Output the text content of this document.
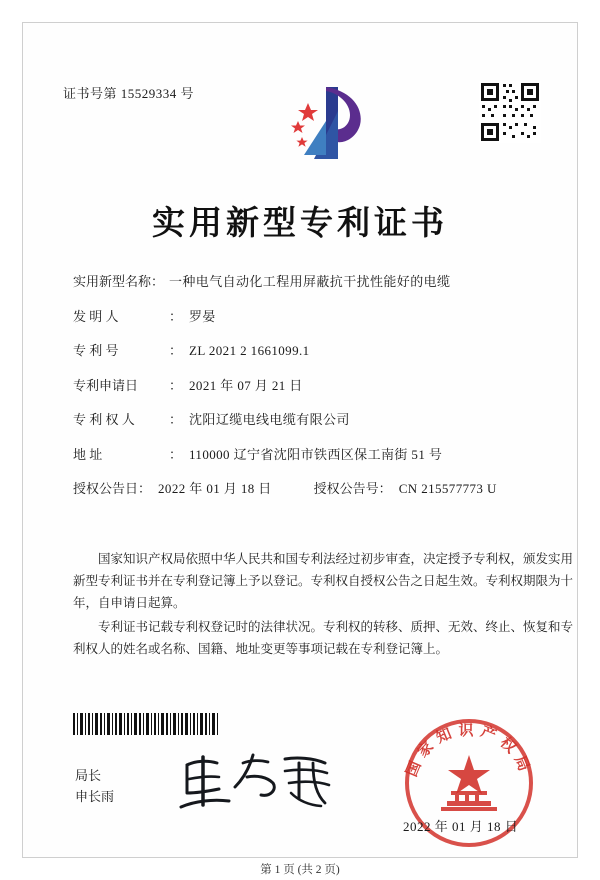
证书号第 15529334 号
实用新型专利证书
实用新型名称： 一种电气自动化工程用屏蔽抗干扰性能好的电缆
发 明 人	： 罗晏
专 利 号	： ZL 2021 2 1661099.1
专利申请日	： 2021 年 07 月 21 日
专 利 权 人	： 沈阳辽缆电线电缆有限公司
地 址	： 110000 辽宁省沈阳市铁西区保工南街 51 号
授权公告日： 2022 年 01 月 18 日	授权公告号： CN 215577773 U
国家知识产权局依照中华人民共和国专利法经过初步审查，决定授予专利权，颁发实用新型专利证书并在专利登记簿上予以登记。专利权自授权公告之日起生效。专利权期限为十年，自申请日起算。
专利证书记载专利权登记时的法律状况。专利权的转移、质押、无效、终止、恢复和专利权人的姓名或名称、国籍、地址变更等事项记载在专利登记簿上。
局长
申长雨
国家知识产权局
2022 年 01 月 18 日
第 1 页 (共 2 页)
